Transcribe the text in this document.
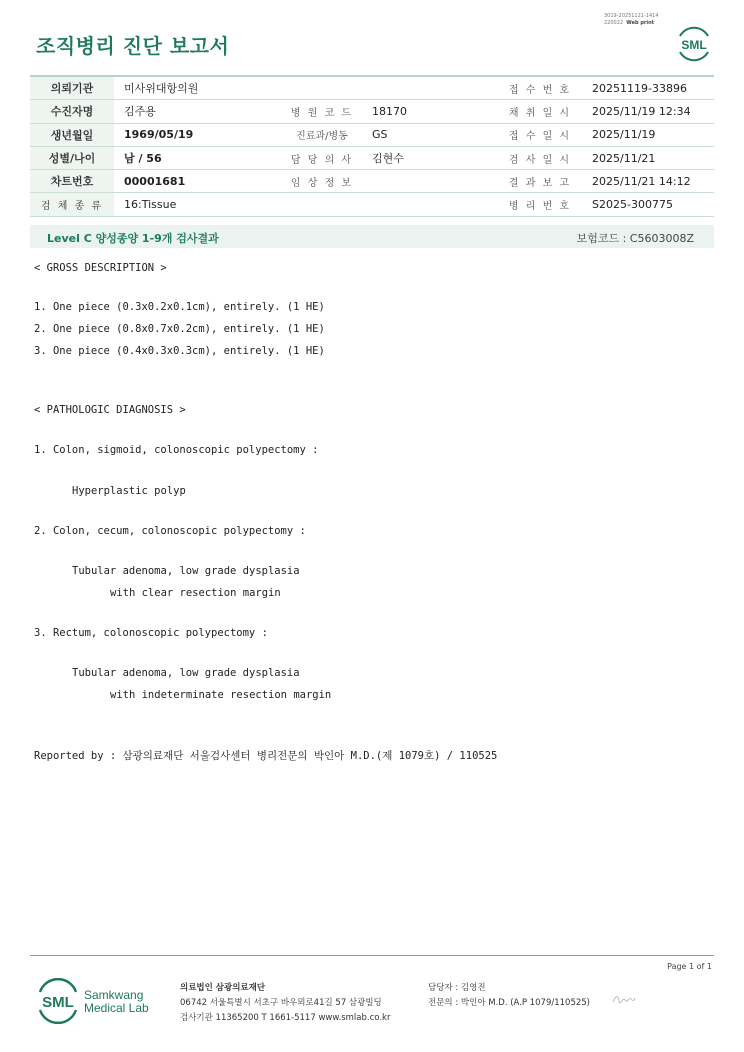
조직병리 진단 보고서
3019-20251121-1414
220022 Web print
SML
의뢰기관	미사위대항의원			접 수 번 호	20251119-33896
수진자명	김주용	병 원 코 드	18170	채 취 일 시	2025/11/19 12:34
생년월일	1969/05/19	진료과/병동	GS	접 수 일 시	2025/11/19
성별/나이	남 / 56	담 당 의 사	김현수	검 사 일 시	2025/11/21
차트번호	00001681	임 상 정 보		결 과 보 고	2025/11/21 14:12
검 체 종 류	16:Tissue			병 리 번 호	S2025-300775
Level C 양성종양 1-9개 검사결과	보험코드 : C5603008Z
< GROSS DESCRIPTION >
1. One piece (0.3x0.2x0.1cm), entirely. (1 HE)
2. One piece (0.8x0.7x0.2cm), entirely. (1 HE)
3. One piece (0.4x0.3x0.3cm), entirely. (1 HE)
< PATHOLOGIC DIAGNOSIS >
1. Colon, sigmoid, colonoscopic polypectomy :
Hyperplastic polyp
2. Colon, cecum, colonoscopic polypectomy :
Tubular adenoma, low grade dysplasia
with clear resection margin
3. Rectum, colonoscopic polypectomy :
Tubular adenoma, low grade dysplasia
with indeterminate resection margin
Reported by : 삼광의료재단 서울검사센터 병리전문의 박인아 M.D.(제 1079호) / 110525
Page 1 of 1
SML Samkwang
Medical Lab
의료법인 삼광의료재단
06742 서울특별시 서초구 바우뫼로41길 57 삼광빌딩
검사기관 11365200 T 1661-5117 www.smlab.co.kr
담당자 : 김영진
전문의 : 박인아 M.D. (A.P 1079/110525)
